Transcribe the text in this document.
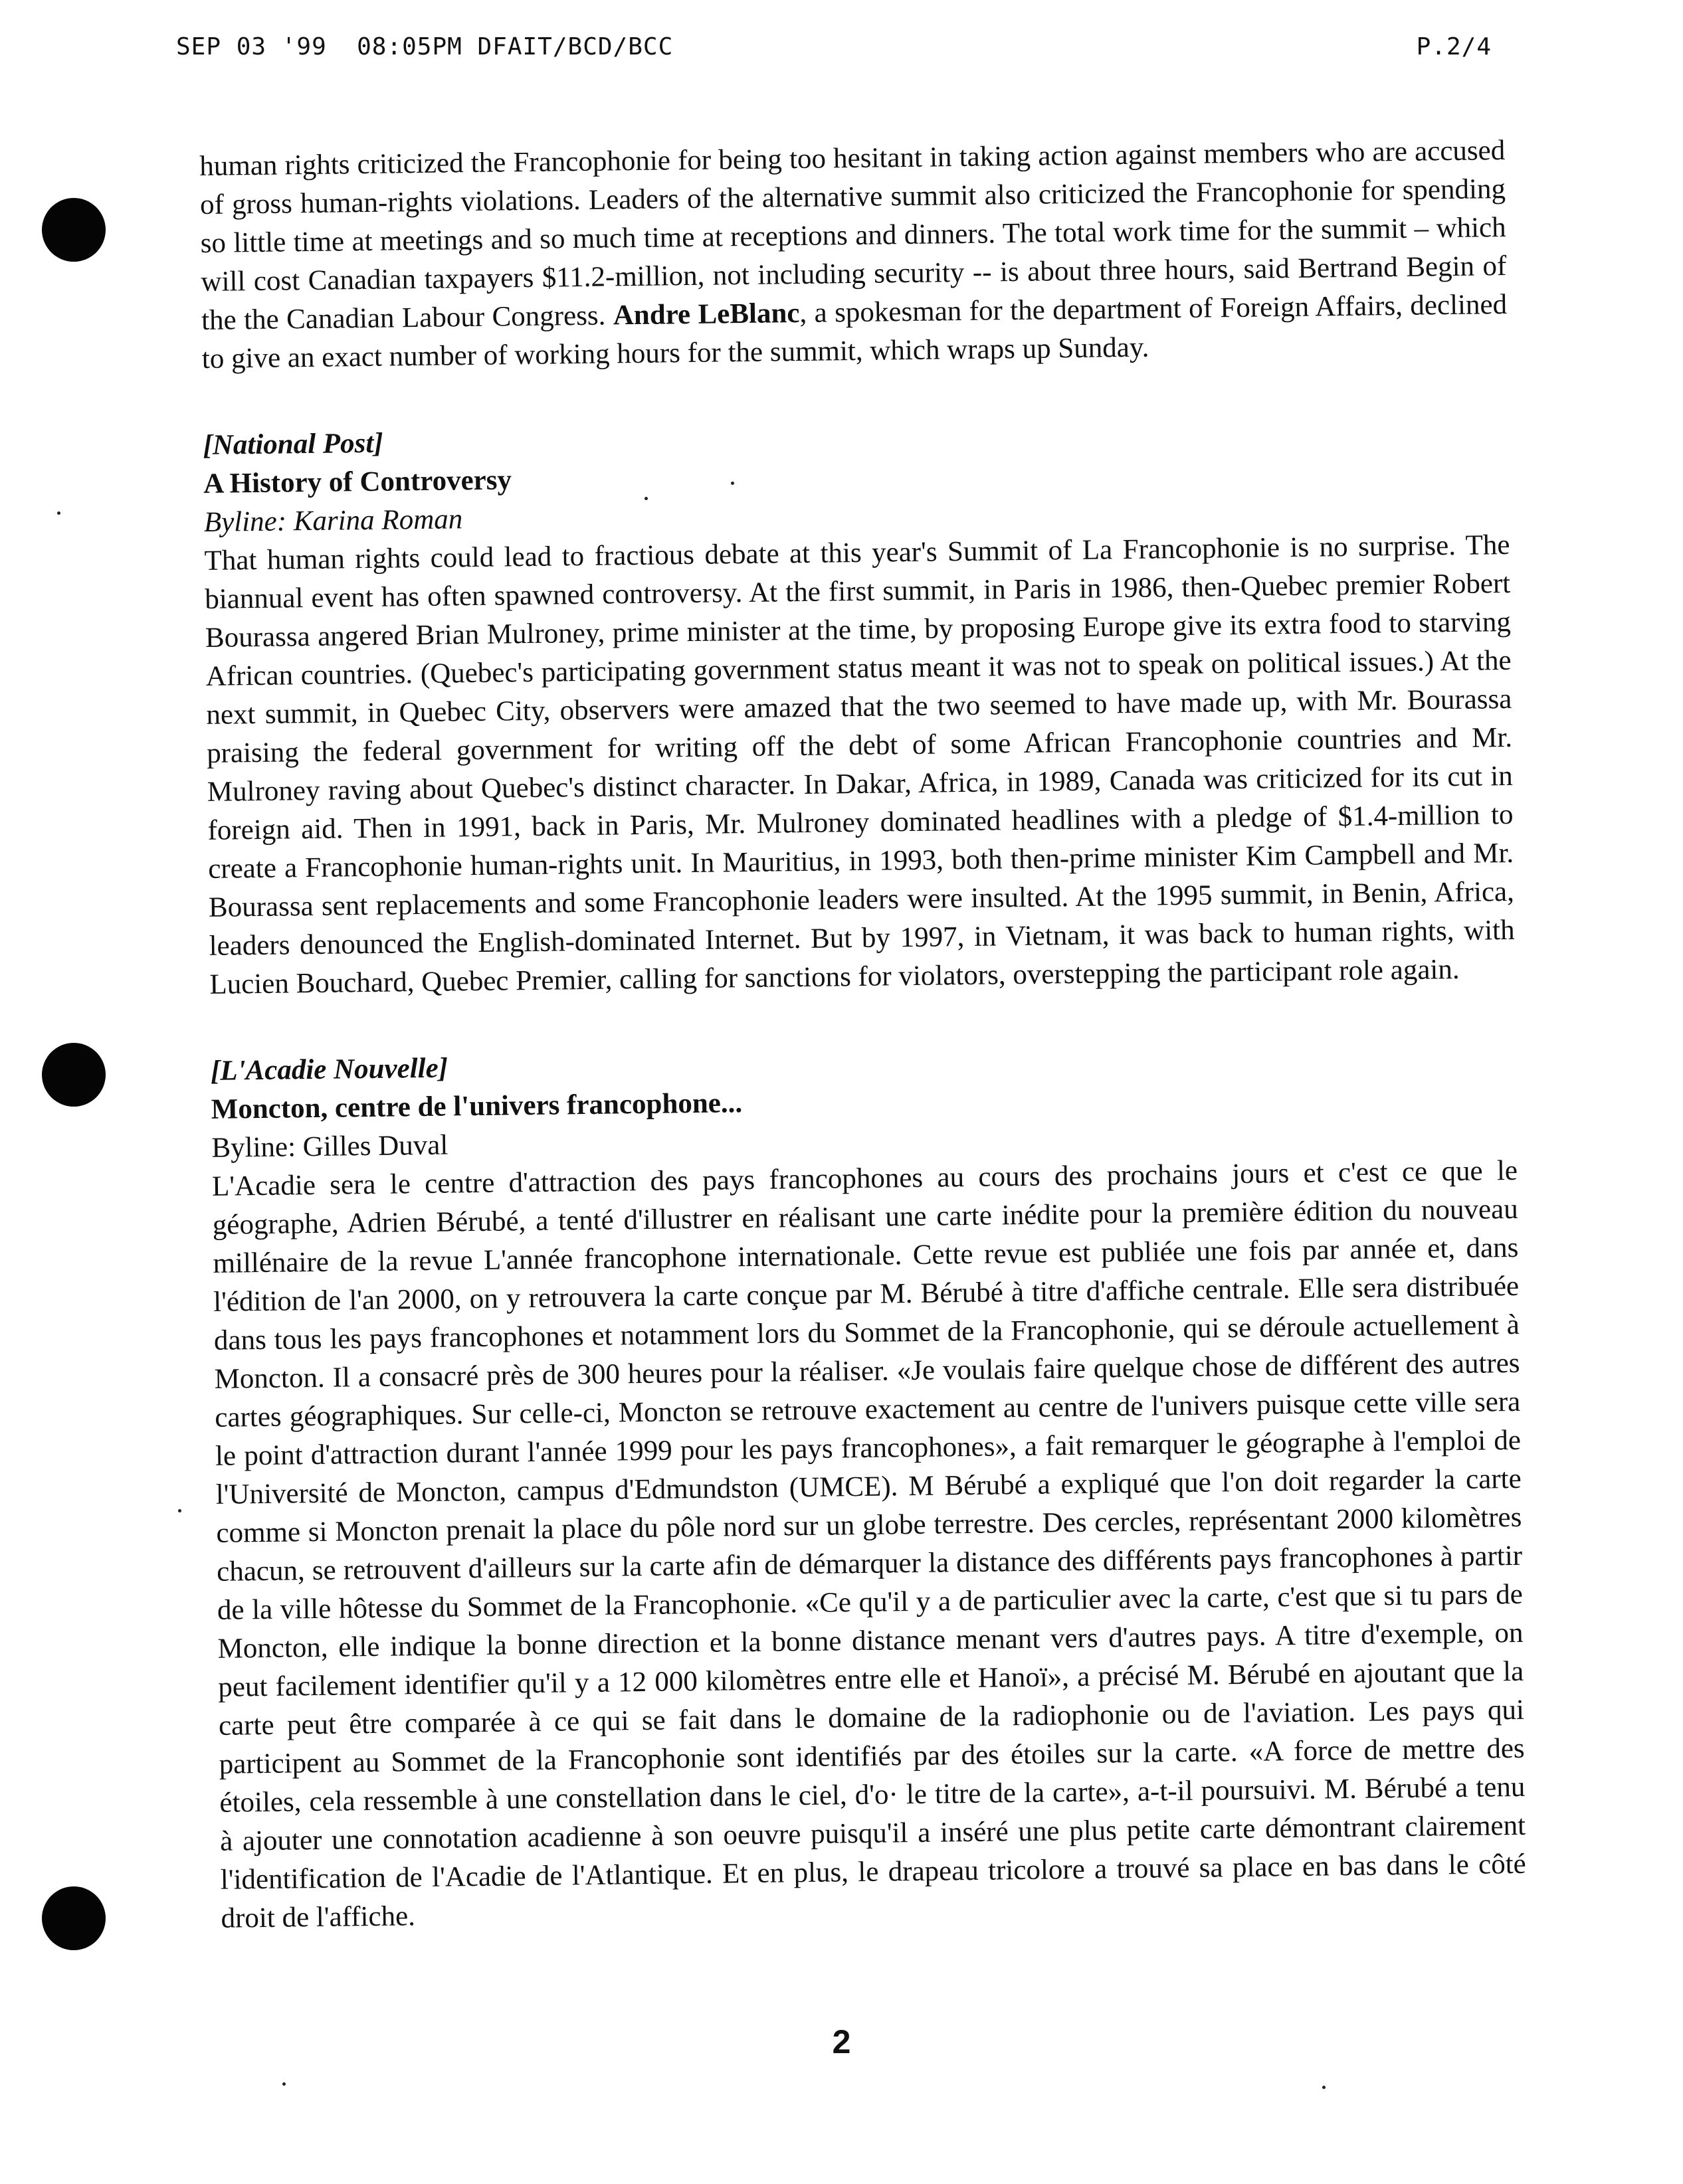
SEP 03 '99  08:05PM DFAIT/BCD/BCC	P.2/4

human rights criticized the Francophonie for being too hesitant in taking action against members who are accused of gross human-rights violations. Leaders of the alternative summit also criticized the Francophonie for spending so little time at meetings and so much time at receptions and dinners. The total work time for the summit – which will cost Canadian taxpayers $11.2-million, not including security -- is about three hours, said Bertrand Begin of the the Canadian Labour Congress. Andre LeBlanc, a spokesman for the department of Foreign Affairs, declined to give an exact number of working hours for the summit, which wraps up Sunday.

[National Post]

A History of Controversy

Byline: Karina Roman

That human rights could lead to fractious debate at this year's Summit of La Francophonie is no surprise. The biannual event has often spawned controversy. At the first summit, in Paris in 1986, then-Quebec premier Robert Bourassa angered Brian Mulroney, prime minister at the time, by proposing Europe give its extra food to starving African countries. (Quebec's participating government status meant it was not to speak on political issues.) At the next summit, in Quebec City, observers were amazed that the two seemed to have made up, with Mr. Bourassa praising the federal government for writing off the debt of some African Francophonie countries and Mr. Mulroney raving about Quebec's distinct character. In Dakar, Africa, in 1989, Canada was criticized for its cut in foreign aid. Then in 1991, back in Paris, Mr. Mulroney dominated headlines with a pledge of $1.4-million to create a Francophonie human-rights unit. In Mauritius, in 1993, both then-prime minister Kim Campbell and Mr. Bourassa sent replacements and some Francophonie leaders were insulted. At the 1995 summit, in Benin, Africa, leaders denounced the English-dominated Internet. But by 1997, in Vietnam, it was back to human rights, with Lucien Bouchard, Quebec Premier, calling for sanctions for violators, overstepping the participant role again.

[L'Acadie Nouvelle]

Moncton, centre de l'univers francophone...

Byline: Gilles Duval

L'Acadie sera le centre d'attraction des pays francophones au cours des prochains jours et c'est ce que le géographe, Adrien Bérubé, a tenté d'illustrer en réalisant une carte inédite pour la première édition du nouveau millénaire de la revue L'année francophone internationale. Cette revue est publiée une fois par année et, dans l'édition de l'an 2000, on y retrouvera la carte conçue par M. Bérubé à titre d'affiche centrale. Elle sera distribuée dans tous les pays francophones et notamment lors du Sommet de la Francophonie, qui se déroule actuellement à Moncton. Il a consacré près de 300 heures pour la réaliser. «Je voulais faire quelque chose de différent des autres cartes géographiques. Sur celle-ci, Moncton se retrouve exactement au centre de l'univers puisque cette ville sera le point d'attraction durant l'année 1999 pour les pays francophones», a fait remarquer le géographe à l'emploi de l'Université de Moncton, campus d'Edmundston (UMCE). M Bérubé a expliqué que l'on doit regarder la carte comme si Moncton prenait la place du pôle nord sur un globe terrestre. Des cercles, représentant 2000 kilomètres chacun, se retrouvent d'ailleurs sur la carte afin de démarquer la distance des différents pays francophones à partir de la ville hôtesse du Sommet de la Francophonie. «Ce qu'il y a de particulier avec la carte, c'est que si tu pars de Moncton, elle indique la bonne direction et la bonne distance menant vers d'autres pays. A titre d'exemple, on peut facilement identifier qu'il y a 12 000 kilomètres entre elle et Hanoï», a précisé M. Bérubé en ajoutant que la carte peut être comparée à ce qui se fait dans le domaine de la radiophonie ou de l'aviation. Les pays qui participent au Sommet de la Francophonie sont identifiés par des étoiles sur la carte. «A force de mettre des étoiles, cela ressemble à une constellation dans le ciel, d'o· le titre de la carte», a-t-il poursuivi. M. Bérubé a tenu à ajouter une connotation acadienne à son oeuvre puisqu'il a inséré une plus petite carte démontrant clairement l'identification de l'Acadie de l'Atlantique. Et en plus, le drapeau tricolore a trouvé sa place en bas dans le côté droit de l'affiche.

2
